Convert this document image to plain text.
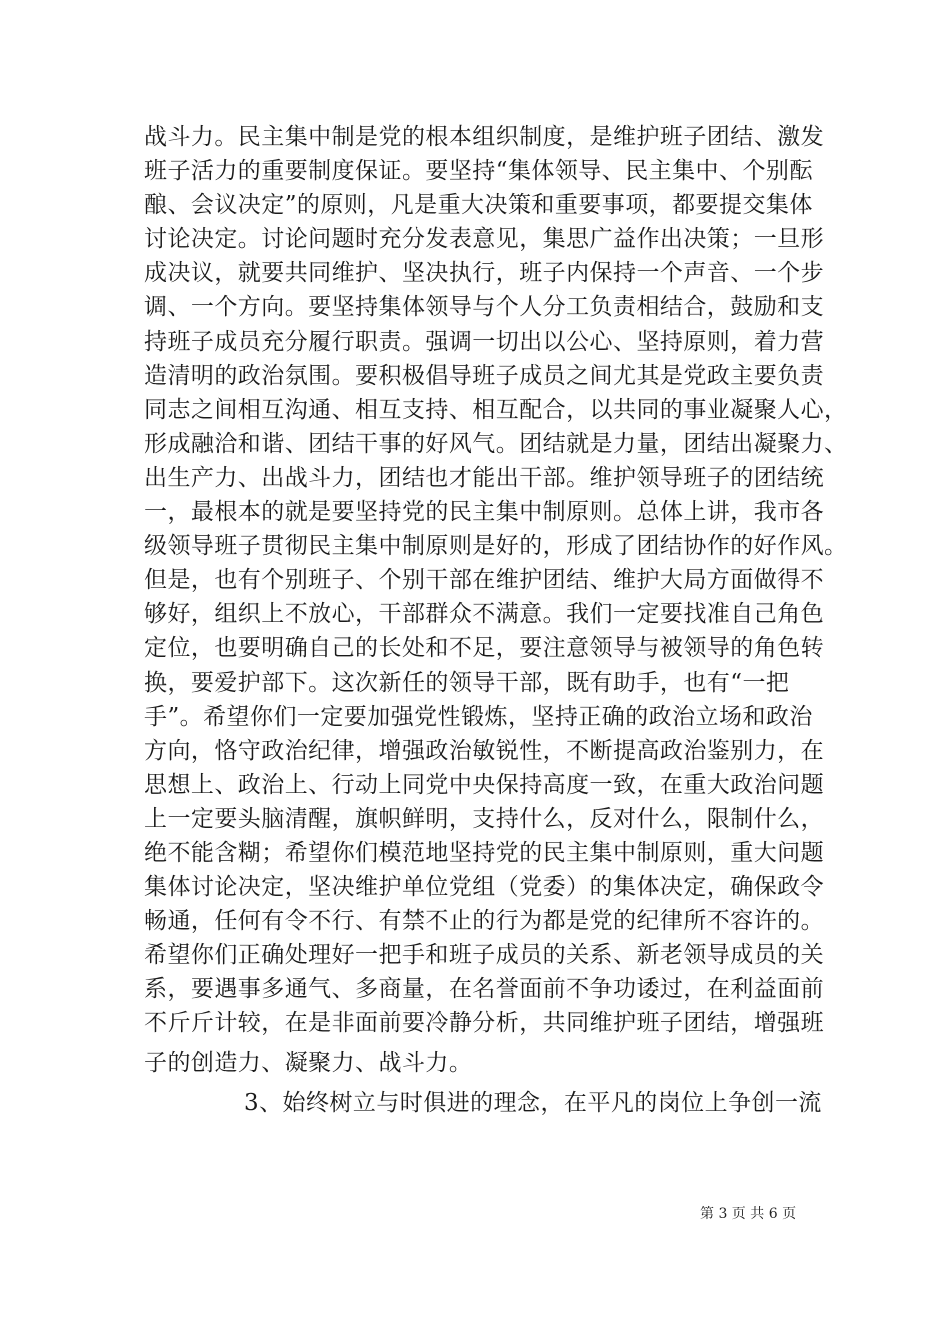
战斗力。民主集中制是党的根本组织制度，是维护班子团结、激发
班子活力的重要制度保证。要坚持“集体领导、民主集中、个别酝
酿、会议决定”的原则，凡是重大决策和重要事项，都要提交集体
讨论决定。讨论问题时充分发表意见，集思广益作出决策；一旦形
成决议，就要共同维护、坚决执行，班子内保持一个声音、一个步
调、一个方向。要坚持集体领导与个人分工负责相结合，鼓励和支
持班子成员充分履行职责。强调一切出以公心、坚持原则，着力营
造清明的政治氛围。要积极倡导班子成员之间尤其是党政主要负责
同志之间相互沟通、相互支持、相互配合，以共同的事业凝聚人心，
形成融洽和谐、团结干事的好风气。团结就是力量，团结出凝聚力、
出生产力、出战斗力，团结也才能出干部。维护领导班子的团结统
一，最根本的就是要坚持党的民主集中制原则。总体上讲，我市各
级领导班子贯彻民主集中制原则是好的，形成了团结协作的好作风。
但是，也有个别班子、个别干部在维护团结、维护大局方面做得不
够好，组织上不放心，干部群众不满意。我们一定要找准自己角色
定位，也要明确自己的长处和不足，要注意领导与被领导的角色转
换，要爱护部下。这次新任的领导干部，既有助手，也有“一把
手”。希望你们一定要加强党性锻炼，坚持正确的政治立场和政治
方向，恪守政治纪律，增强政治敏锐性，不断提高政治鉴别力，在
思想上、政治上、行动上同党中央保持高度一致，在重大政治问题
上一定要头脑清醒，旗帜鲜明，支持什么，反对什么，限制什么，
绝不能含糊；希望你们模范地坚持党的民主集中制原则，重大问题
集体讨论决定，坚决维护单位党组（党委）的集体决定，确保政令
畅通，任何有令不行、有禁不止的行为都是党的纪律所不容许的。
希望你们正确处理好一把手和班子成员的关系、新老领导成员的关
系，要遇事多通气、多商量，在名誉面前不争功诿过，在利益面前
不斤斤计较，在是非面前要冷静分析，共同维护班子团结，增强班
子的创造力、凝聚力、战斗力。
3、始终树立与时俱进的理念，在平凡的岗位上争创一流
第 3 页 共 6 页
